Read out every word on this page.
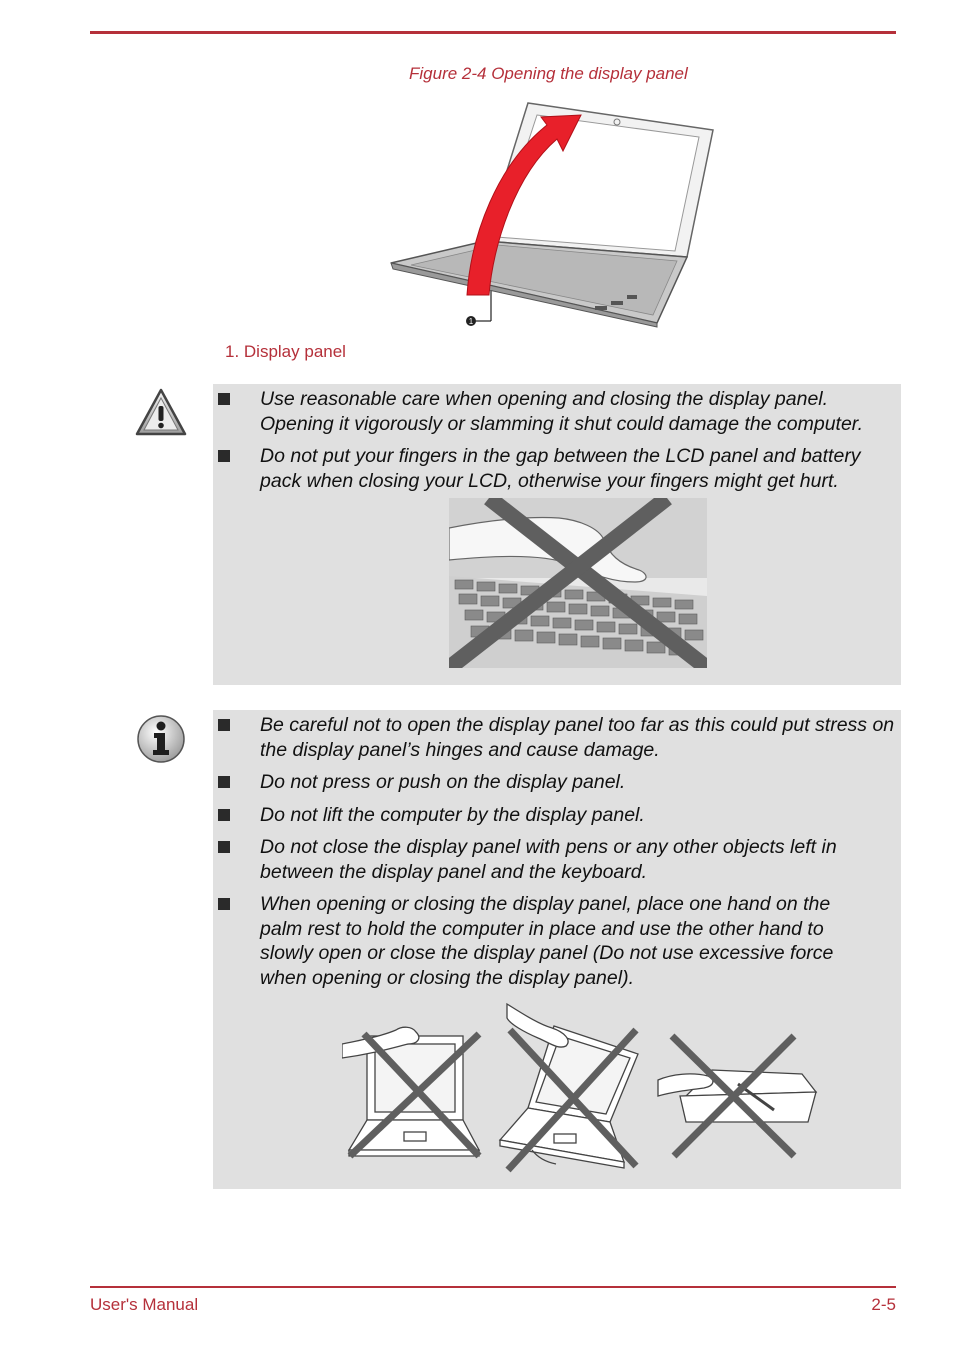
Figure 2-4 Opening the display panel
1
1. Display panel
Use reasonable care when opening and closing the display panel. Opening it vigorously or slamming it shut could damage the computer.
Do not put your fingers in the gap between the LCD panel and battery pack when closing your LCD, otherwise your fingers might get hurt.
Be careful not to open the display panel too far as this could put stress on the display panel’s hinges and cause damage.
Do not press or push on the display panel.
Do not lift the computer by the display panel.
Do not close the display panel with pens or any other objects left in between the display panel and the keyboard.
When opening or closing the display panel, place one hand on the palm rest to hold the computer in place and use the other hand to slowly open or close the display panel (Do not use excessive force when opening or closing the display panel).
User's Manual	2-5
